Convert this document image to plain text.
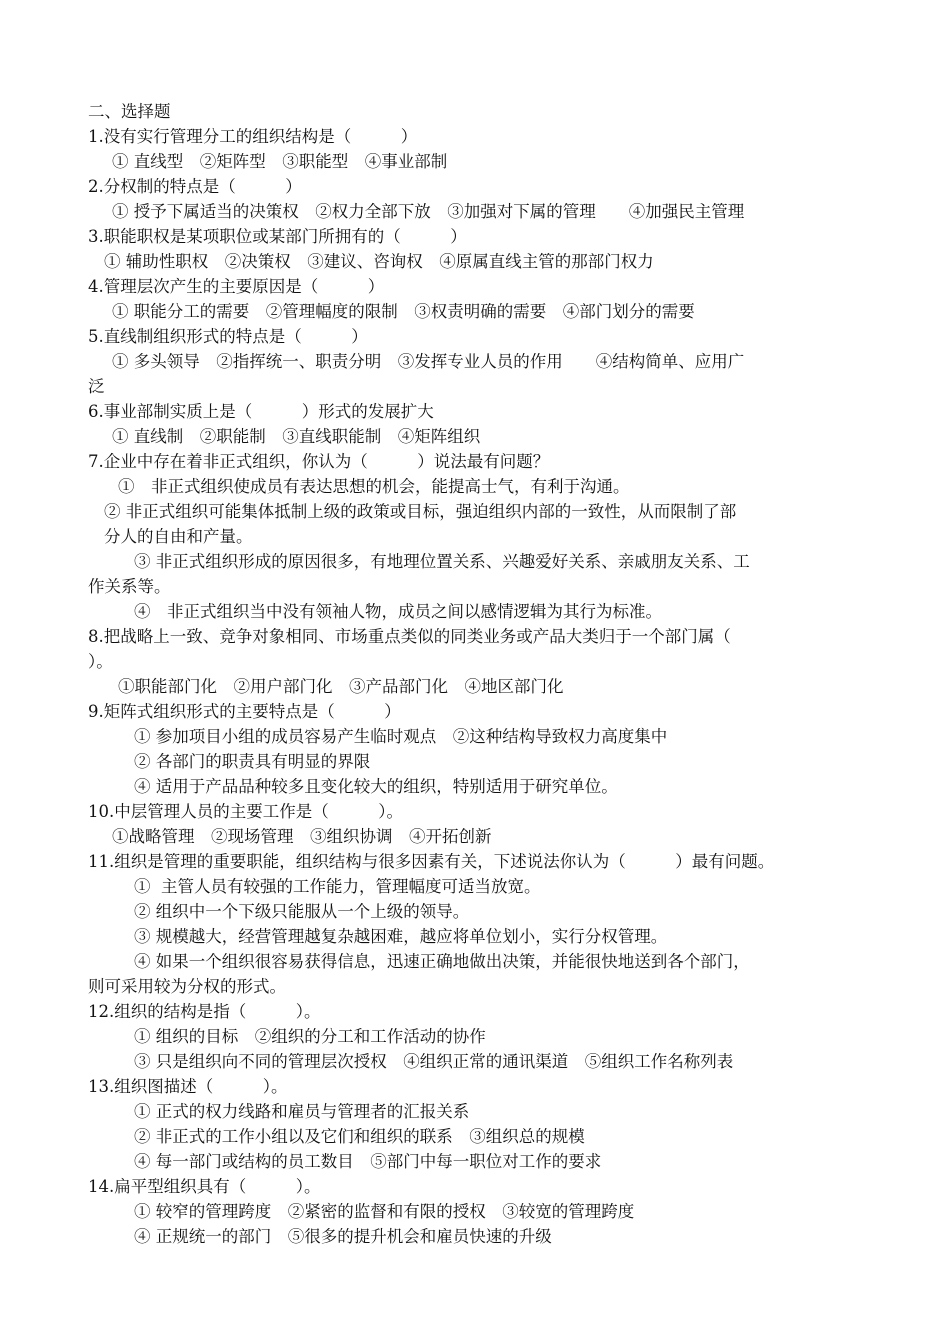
二、选择题
1.没有实行管理分工的组织结构是（　　　）
① 直线型　②矩阵型　③职能型　④事业部制
2.分权制的特点是（　　　）
① 授予下属适当的决策权　②权力全部下放　③加强对下属的管理　　④加强民主管理
3.职能职权是某项职位或某部门所拥有的（　　　）
① 辅助性职权　②决策权　③建议、咨询权　④原属直线主管的那部门权力
4.管理层次产生的主要原因是（　　　）
① 职能分工的需要　②管理幅度的限制　③权责明确的需要　④部门划分的需要
5.直线制组织形式的特点是（　　　）
① 多头领导　②指挥统一、职责分明　③发挥专业人员的作用　　④结构简单、应用广
泛
6.事业部制实质上是（　　　）形式的发展扩大
① 直线制　②职能制　③直线职能制　④矩阵组织
7.企业中存在着非正式组织，你认为（　　　）说法最有问题？
①　非正式组织使成员有表达思想的机会，能提高士气，有利于沟通。
② 非正式组织可能集体抵制上级的政策或目标，强迫组织内部的一致性，从而限制了部
分人的自由和产量。
③ 非正式组织形成的原因很多，有地理位置关系、兴趣爱好关系、亲戚朋友关系、工
作关系等。
④　非正式组织当中没有领袖人物，成员之间以感情逻辑为其行为标准。
8.把战略上一致、竞争对象相同、市场重点类似的同类业务或产品大类归于一个部门属（
）。
①职能部门化　②用户部门化　③产品部门化　④地区部门化
9.矩阵式组织形式的主要特点是（　　　）
① 参加项目小组的成员容易产生临时观点　②这种结构导致权力高度集中
② 各部门的职责具有明显的界限
④ 适用于产品品种较多且变化较大的组织，特别适用于研究单位。
10.中层管理人员的主要工作是（　　　）。
①战略管理　②现场管理　③组织协调　④开拓创新
11.组织是管理的重要职能，组织结构与很多因素有关，下述说法你认为（　　　）最有问题。
①  主管人员有较强的工作能力，管理幅度可适当放宽。
② 组织中一个下级只能服从一个上级的领导。
③ 规模越大，经营管理越复杂越困难，越应将单位划小，实行分权管理。
④ 如果一个组织很容易获得信息，迅速正确地做出决策，并能很快地送到各个部门，
则可采用较为分权的形式。
12.组织的结构是指（　　　）。
① 组织的目标　②组织的分工和工作活动的协作
③ 只是组织向不同的管理层次授权　④组织正常的通讯渠道　⑤组织工作名称列表
13.组织图描述（　　　）。
① 正式的权力线路和雇员与管理者的汇报关系
② 非正式的工作小组以及它们和组织的联系　③组织总的规模
④ 每一部门或结构的员工数目　⑤部门中每一职位对工作的要求
14.扁平型组织具有（　　　）。
① 较窄的管理跨度　②紧密的监督和有限的授权　③较宽的管理跨度
④ 正规统一的部门　⑤很多的提升机会和雇员快速的升级
